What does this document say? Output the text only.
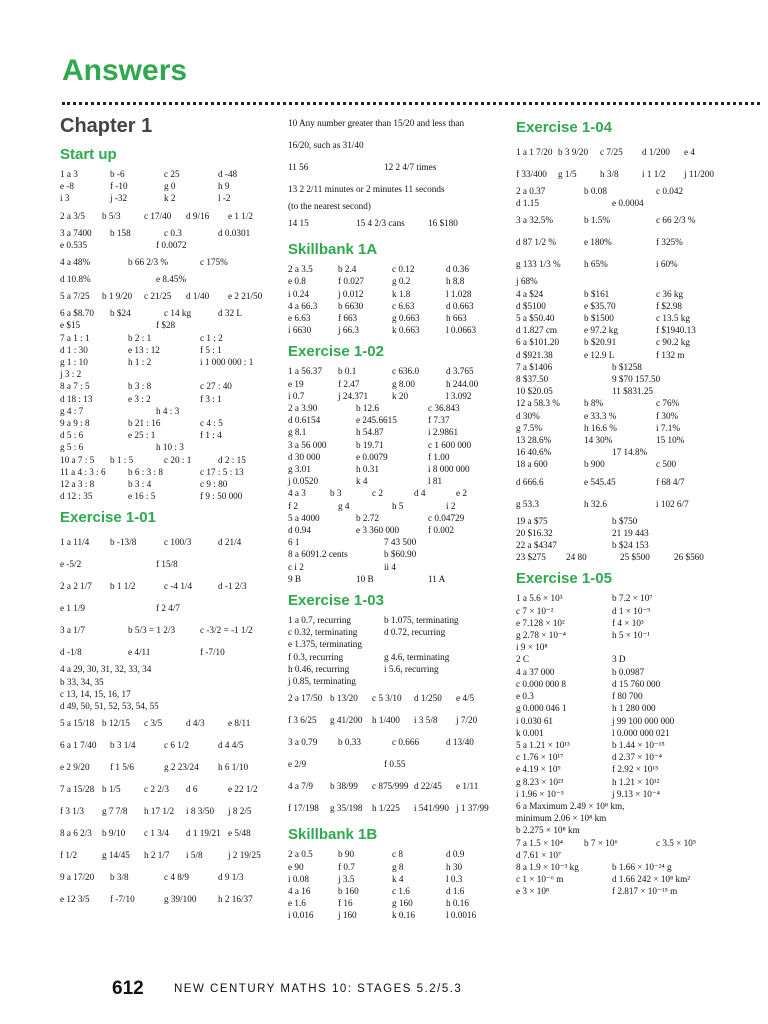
Answers
Chapter 1
Start up
1 a 3	b -6	c 25	d -48
e -8	f -10	g 0	h 9
i 3	j -32	k 2	l -2
2 a 3/5	b 5/3	c 17/40	d 9/16	e 1 1/2
3 a 7400	b 158	c 0.3	d 0.0301
e 0.535	f 0.0072
4 a 48%	b 66 2/3 %	c 175%
d 10.8%	e 8.45%
5 a 7/25	b 1 9/20	c 21/25	d 1/40	e 2 21/50
6 a $8.70	b $24	c 14 kg	d 32 L
e $15	f $28
7 a 1 : 1	b 2 : 1	c 1 : 2
d 1 : 30	e 13 : 12	f 5 : 1
g 1 : 10	h 1 : 2	i 1 000 000 : 1
j 3 : 2
8 a 7 : 5	b 3 : 8	c 27 : 40
d 18 : 13	e 3 : 2	f 3 : 1
g 4 : 7	h 4 : 3
9 a 9 : 8	b 21 : 16	c 4 : 5
d 5 : 6	e 25 : 1	f 1 : 4
g 5 : 6	h 10 : 3
10 a 7 : 5	b 1 : 5	c 20 : 1	d 2 : 15
11 a 4 : 3 : 6	b 6 : 3 : 8	c 17 : 5 : 13
12 a 3 : 8	b 3 : 4	c 9 : 80
d 12 : 35	e 16 : 5	f 9 : 50 000
Exercise 1-01
1 a 11/4	b -13/8	c 100/3	d 21/4
e -5/2	f 15/8
2 a 2 1/7	b 1 1/2	c -4 1/4	d -1 2/3
e 1 1/9	f 2 4/7
3 a 1/7	b 5/3 = 1 2/3	c -3/2 = -1 1/2
d -1/8	e 4/11	f -7/10
4 a 29, 30, 31, 32, 33, 34
b 33, 34, 35
c 13, 14, 15, 16, 17
d 49, 50, 51, 52, 53, 54, 55
5 a 15/18 b 12/15	c 3/5	d 4/3	e 8/11
6 a 1 7/40	b 3 1/4	c 6 1/2	d 4 4/5
e 2 9/20	f 1 5/6	g 2 23/24	h 6 1/10
7 a 15/28 b 1/5	c 2 2/3	d 6	e 22 1/2
f 3 1/3	g 7 7/8	h 17 1/2	i 8 3/50	j 8 2/5
8 a 6 2/3	b 9/10	c 1 3/4	d 1 19/21 e 5/48
f 1/2	g 14/45	h 2 1/7	i 5/8	j 2 19/25
9 a 17/20	b 3/8	c 4 8/9	d 9 1/3
e 12 3/5	f -7/10	g 39/100	h 2 16/37
10 Any number greater than 15/20 and less than
16/20, such as 31/40
11 56	12 2 4/7 times
13 2 2/11 minutes or 2 minutes 11 seconds
(to the nearest second)
14 15	15 4 2/3 cans	16 $180
Skillbank 1A
2 a 3.5	b 2.4	c 0.12	d 0.36
e 0.8	f 0.027	g 0.2	h 8.8
i 0.24	j 0.012	k 1.8	l 1.028
4 a 66.3	b 6630	c 6.63	d 0.663
e 6.63	f 663	g 0.663	h 663
i 6630	j 66.3	k 0.663	l 0.0663
Exercise 1-02
1 a 56.37	b 0.1	c 636.0	d 3.765
e 19	f 2.47	g 8.00	h 244.00
i 0.7	j 24.371	k 20	l 3.092
2 a 3.90	b 12.6	c 36.843
d 0.6154	e 245.6615	f 7.37
g 8.1	h 54.87	i 2.9861
3 a 56 000	b 19.71	c 1 600 000
d 30 000	e 0.0079	f 1.00
g 3.01	h 0.31	i 8 000 000
j 0.0520	k 4	l 81
4 a 3	b 3	c 2	d 4	e 2
f 2	g 4	h 5	i 2
5 a 4000	b 2.72	c 0.04729
d 0.94	e 3 360 000	f 0.002
6 1	7 43 500
8 a 6091.2 cents	b $60.90
c i 2	ii 4
9 B	10 B	11 A
Exercise 1-03
1 a 0.7, recurring	b 1.075, terminating
c 0.32, terminating	d 0.72, recurring
e 1.375, terminating
f 0.3, recurring	g 4.6, terminating
h 0.46, recurring	i 5.6, recurring
j 0.85, terminating
2 a 17/50 b 13/20	c 5 3/10	d 1/250	e 4/5
f 3 6/25	g 41/200	h 1/400	i 3 5/8	j 7/20
3 a 0.79	b 0.33	c 0.666	d 13/40
e 2/9	f 0.55
4 a 7/9	b 38/99	c 875/999 d 22/45	e 1/11
f 17/198	g 35/198	h 1/225	i 541/990 j 1 37/99
Skillbank 1B
2 a 0.5	b 90	c 8	d 0.9
e 90	f 0.7	g 8	h 30
i 0.08	j 3.5	k 4	l 0.3
4 a 16	b 160	c 1.6	d 1.6
e 1.6	f 16	g 160	h 0.16
i 0.016	j 160	k 0.16	l 0.0016
Exercise 1-04
1 a 1 7/20 b 3 9/20	c 7/25	d 1/200	e 4
f 33/400	g 1/5	h 3/8	i 1 1/2	j 11/200
2 a 0.37	b 0.08	c 0.042
d 1.15	e 0.0004
3 a 32.5%	b 1.5%	c 66 2/3 %
d 87 1/2 %	e 180%	f 325%
g 133 1/3 %	h 65%	i 60%
j 68%
4 a $24	b $161	c 36 kg
d $5100	e $35.70	f $2.98
5 a $50.40	b $1500	c 13.5 kg
d 1.827 cm	e 97.2 kg	f $1940.13
6 a $101.20	b $20.91	c 90.2 kg
d $921.38	e 12.9 L	f 132 m
7 a $1406	b $1258
8 $37.50	9 $70 157.50
10 $20.05	11 $831.25
12 a 58.3 %	b 8%	c 76%
d 30%	e 33.3 %	f 30%
g 7.5%	h 16.6 %	i 7.1%
13 28.6%	14 30%	15 10%
16 40.6%	17 14.8%
18 a 600	b 900	c 500
d 666.6	e 545.45	f 68 4/7
g 53.3	h 32.6	i 102 6/7
19 a $75	b $750
20 $16.32	21 19 443
22 a $4347	b $24 153
23 $275	24 80	25 $500	26 $560
Exercise 1-05
1 a 5.6 × 10³	b 7.2 × 10⁷
c 7 × 10⁻²	d 1 × 10⁻⁹
e 7.128 × 10²	f 4 × 10³
g 2.78 × 10⁻⁴	h 5 × 10⁻¹
i 9 × 10⁸
2 C	3 D
4 a 37 000	b 0.0987
c 0.000 000 8	d 15 760 000
e 0.3	f 80 700
g 0.000 046 1	h 1 280 000
i 0.030 61	j 99 100 000 000
k 0.001	l 0.000 000 021
5 a 1.21 × 10¹³	b 1.44 × 10⁻¹⁵
c 1.76 × 10¹⁷	d 2.37 × 10⁻⁴
e 4.19 × 10⁹	f 2.92 × 10¹⁵
g 8.23 × 10²³	h 1.21 × 10¹²
i 1.96 × 10⁻⁵	j 9.13 × 10⁻⁴
6 a Maximum 2.49 × 10⁸ km,
minimum 2.06 × 10⁸ km
b 2.275 × 10⁸ km
7 a 1.5 × 10⁴	b 7 × 10⁶	c 3.5 × 10⁵
d 7.61 × 10⁷
8 a 1.9 × 10⁻³ kg	b 1.66 × 10⁻²⁴ g
c 1 × 10⁻⁶ m	d 1.66 242 × 10⁸ km²
e 3 × 10⁸	f 2.817 × 10⁻¹⁵ m
612	NEW CENTURY MATHS 10: STAGES 5.2/5.3
